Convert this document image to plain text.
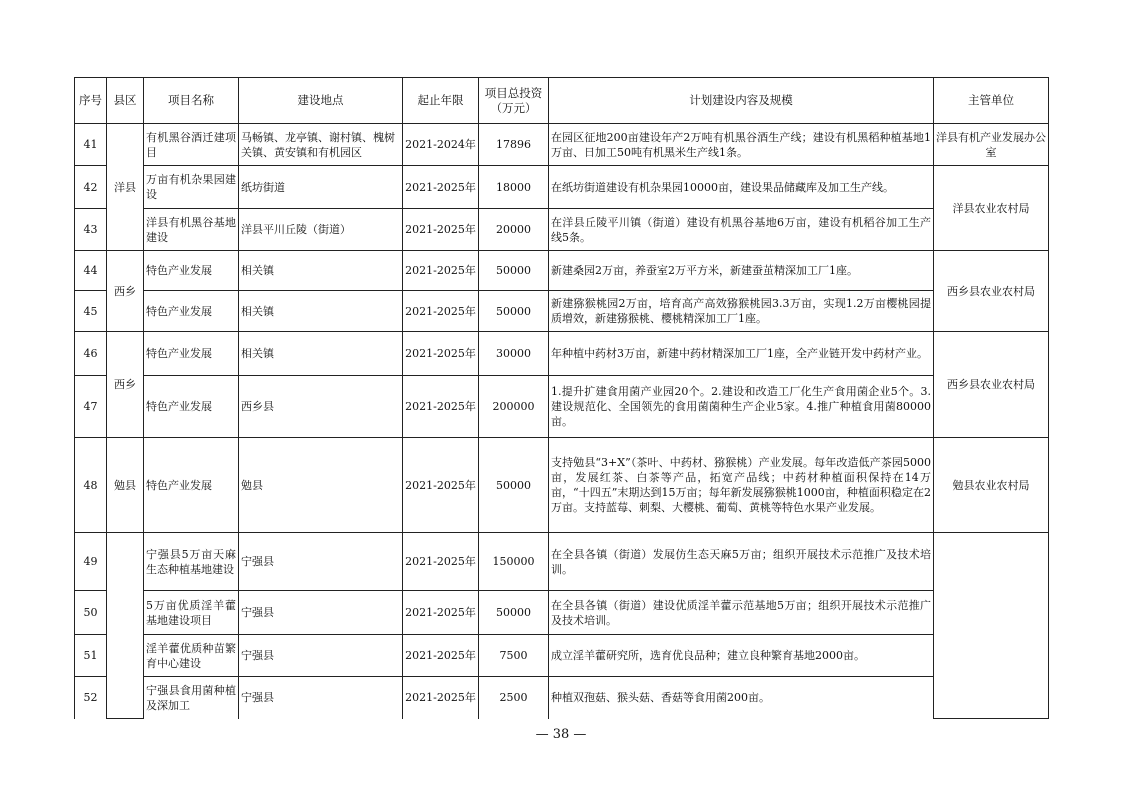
序号	县区	项目名称	建设地点	起止年限	项目总投资（万元）	计划建设内容及规模	主管单位
41	洋县	有机黑谷酒迁建项目	马畅镇、龙亭镇、谢村镇、槐树关镇、黄安镇和有机园区	2021-2024年	17896	在园区征地200亩建设年产2万吨有机黑谷酒生产线；建设有机黑稻种植基地1万亩、日加工50吨有机黑米生产线1条。	洋县有机产业发展办公室
42		万亩有机杂果园建设	纸坊街道	2021-2025年	18000	在纸坊街道建设有机杂果园10000亩，建设果品储藏库及加工生产线。	洋县农业农村局
43		洋县有机黑谷基地建设	洋县平川丘陵（街道）	2021-2025年	20000	在洋县丘陵平川镇（街道）建设有机黑谷基地6万亩，建设有机稻谷加工生产线5条。	
44	西乡	特色产业发展	相关镇	2021-2025年	50000	新建桑园2万亩，养蚕室2万平方米，新建蚕茧精深加工厂1座。	西乡县农业农村局
45		特色产业发展	相关镇	2021-2025年	50000	新建猕猴桃园2万亩，培育高产高效猕猴桃园3.3万亩，实现1.2万亩樱桃园提质增效，新建猕猴桃、樱桃精深加工厂1座。	
46	西乡	特色产业发展	相关镇	2021-2025年	30000	年种植中药材3万亩，新建中药材精深加工厂1座，全产业链开发中药材产业。	西乡县农业农村局
47		特色产业发展	西乡县	2021-2025年	200000	1.提升扩建食用菌产业园20个。2.建设和改造工厂化生产食用菌企业5个。3.建设规范化、全国领先的食用菌菌种生产企业5家。4.推广种植食用菌80000亩。	
48	勉县	特色产业发展	勉县	2021-2025年	50000	支持勉县“3+X”（茶叶、中药材、猕猴桃）产业发展。每年改造低产茶园5000亩，发展红茶、白茶等产品，拓宽产品线；中药材种植面积保持在14万亩，“十四五”末期达到15万亩；每年新发展猕猴桃1000亩，种植面积稳定在2万亩。支持蓝莓、刺梨、大樱桃、葡萄、黄桃等特色水果产业发展。	勉县农业农村局
49		宁强县5万亩天麻生态种植基地建设	宁强县	2021-2025年	150000	在全县各镇（街道）发展仿生态天麻5万亩；组织开展技术示范推广及技术培训。	
50		5万亩优质淫羊藿基地建设项目	宁强县	2021-2025年	50000	在全县各镇（街道）建设优质淫羊藿示范基地5万亩；组织开展技术示范推广及技术培训。	
51		淫羊藿优质种苗繁育中心建设	宁强县	2021-2025年	7500	成立淫羊藿研究所，选育优良品种；建立良种繁育基地2000亩。	
52		宁强县食用菌种植及深加工	宁强县	2021-2025年	2500	种植双孢菇、猴头菇、香菇等食用菌200亩。	
— 38 —
